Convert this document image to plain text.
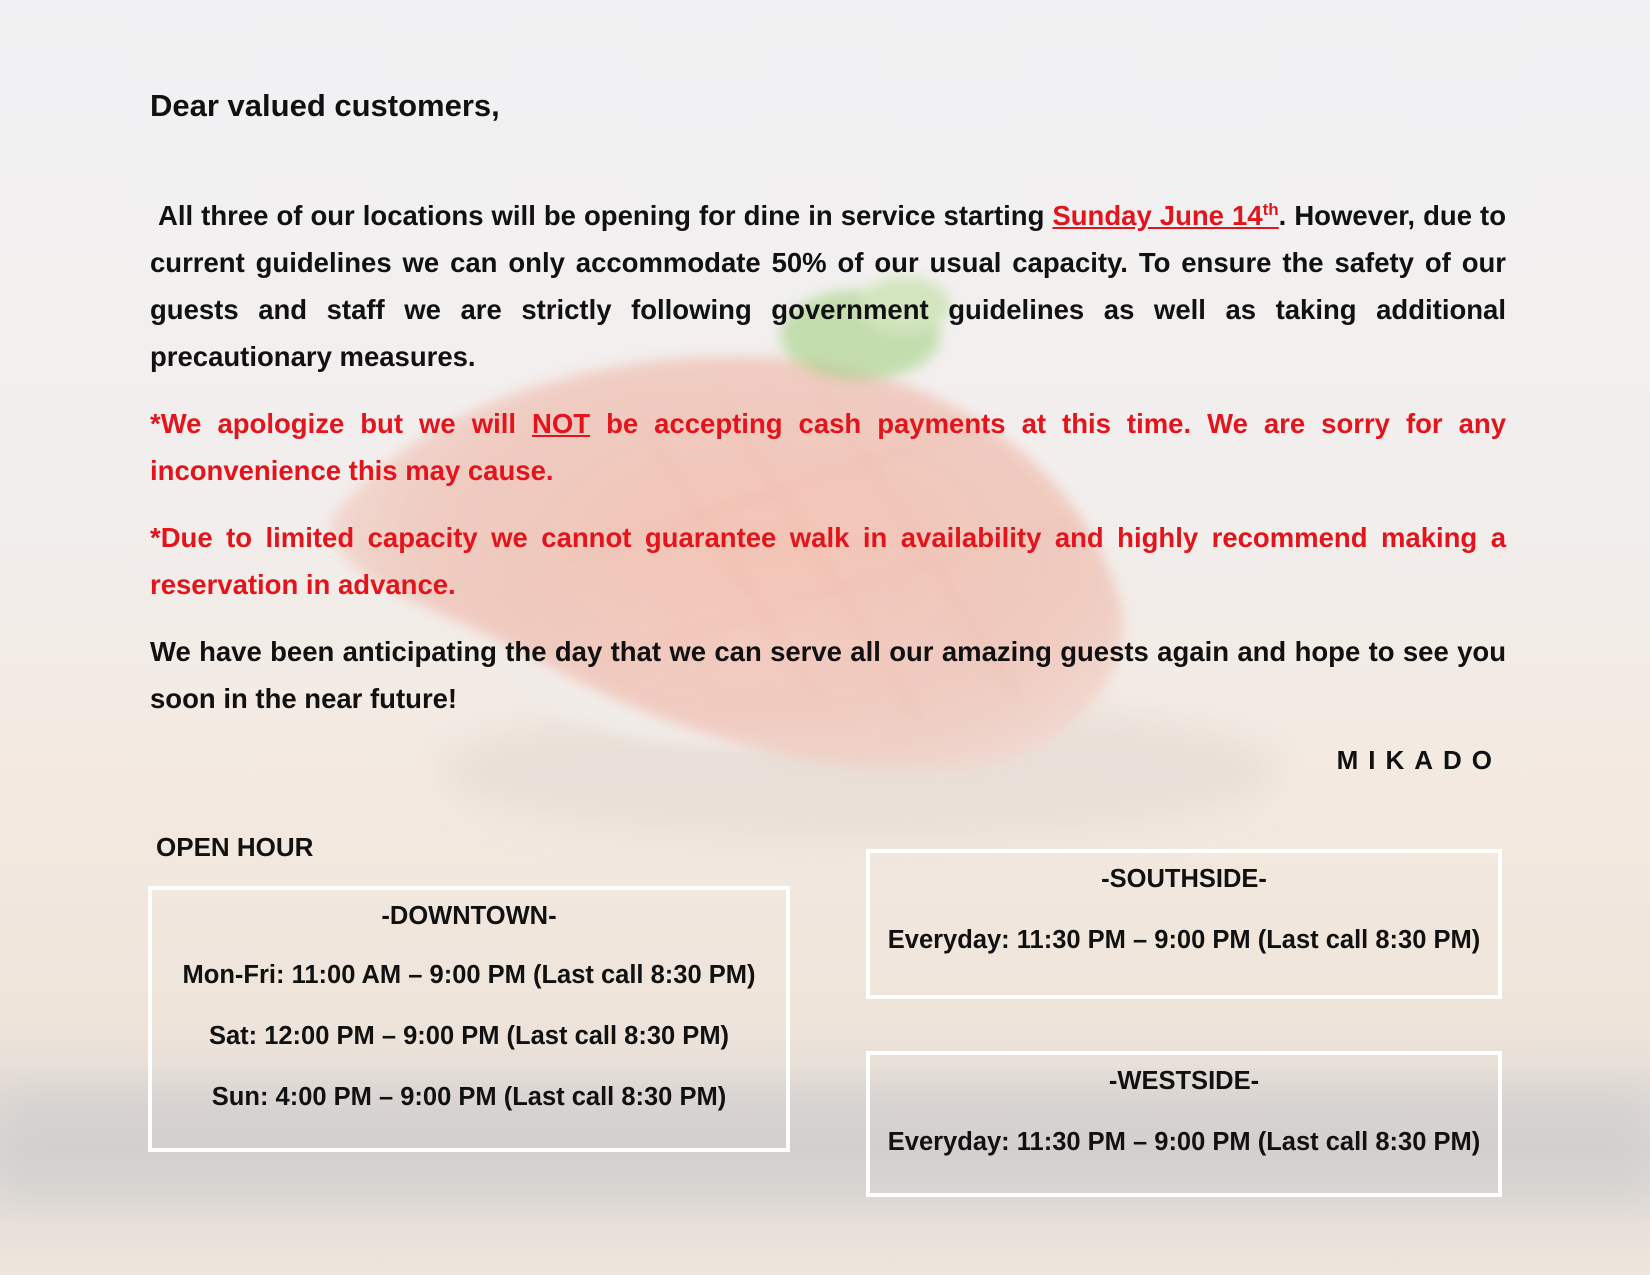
Dear valued customers,

All three of our locations will be opening for dine in service starting Sunday June 14th. However, due to current guidelines we can only accommodate 50% of our usual capacity. To ensure the safety of our guests and staff we are strictly following government guidelines as well as taking additional precautionary measures.

*We apologize but we will NOT be accepting cash payments at this time. We are sorry for any inconvenience this may cause.

*Due to limited capacity we cannot guarantee walk in availability and highly recommend making a reservation in advance.

We have been anticipating the day that we can serve all our amazing guests again and hope to see you soon in the near future!

MIKADO

OPEN HOUR

-DOWNTOWN-

Mon-Fri: 11:00 AM – 9:00 PM (Last call 8:30 PM)

Sat: 12:00 PM – 9:00 PM (Last call 8:30 PM)

Sun: 4:00 PM – 9:00 PM (Last call 8:30 PM)

-SOUTHSIDE-

Everyday: 11:30 PM – 9:00 PM (Last call 8:30 PM)

-WESTSIDE-

Everyday: 11:30 PM – 9:00 PM (Last call 8:30 PM)
